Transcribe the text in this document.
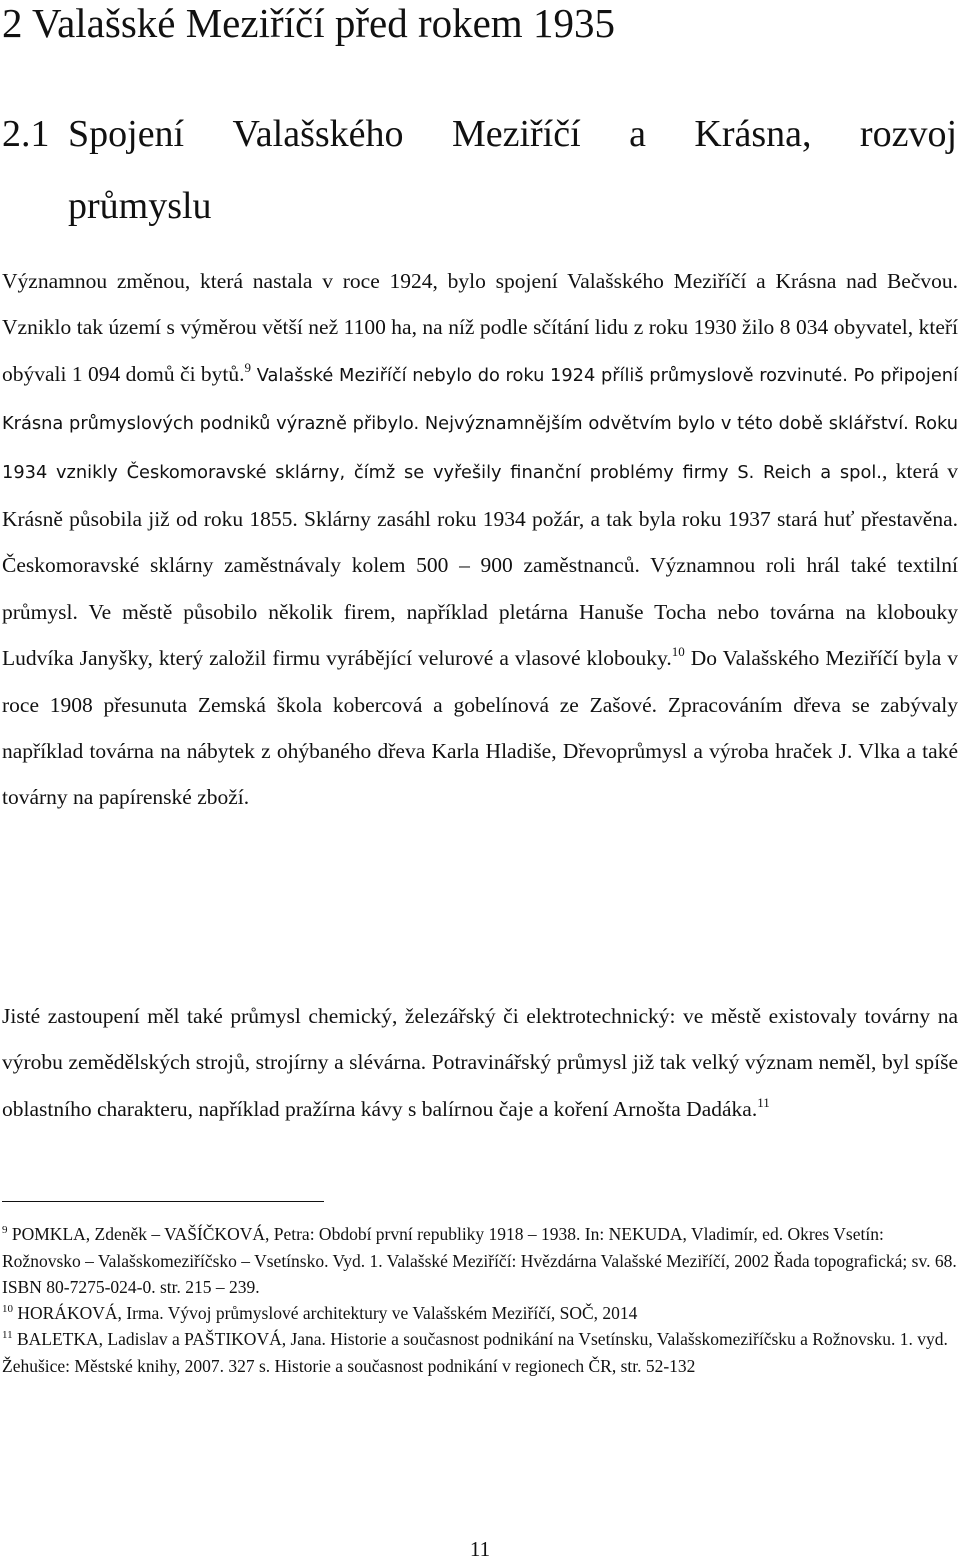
2 Valašské Meziříčí před rokem 1935
2.1 Spojení Valašského Meziříčí a Krásna, rozvoj
průmyslu

Významnou změnou, která nastala v roce 1924, bylo spojení Valašského Meziříčí a Krásna nad Bečvou. Vzniklo tak území s výměrou větší než 1100 ha, na níž podle sčítání lidu z roku 1930 žilo 8 034 obyvatel, kteří obývali 1 094 domů či bytů.$^9$ Valašské Meziříčí nebylo do roku 1924 příliš průmyslově rozvinuté. Po připojení Krásna průmyslových podniků výrazně přibylo. Nejvýznamnějším odvětvím bylo v této době sklářství. Roku 1934 vznikly Českomoravské sklárny, čímž se vyřešily finanční problémy firmy S. Reich a spol., která v Krásně působila již od roku 1855. Sklárny zasáhl roku 1934 požár, a tak byla roku 1937 stará huť přestavěna. Českomoravské sklárny zaměstnávaly kolem 500 – 900 zaměstnanců. Významnou roli hrál také textilní průmysl. Ve městě působilo několik firem, například pletárna Hanuše Tocha nebo továrna na klobouky Ludvíka Janyšky, který založil firmu vyrábějící velurové a vlasové klobouky.$^{10}$ Do Valašského Meziříčí byla v roce 1908 přesunuta Zemská škola kobercová a gobelínová ze Zašové. Zpracováním dřeva se zabývaly například továrna na nábytek z ohýbaného dřeva Karla Hladiše, Dřevoprůmysl a výroba hraček J. Vlka a také továrny na papírenské zboží.

Jisté zastoupení měl také průmysl chemický, železářský či elektrotechnický: ve městě existovaly továrny na výrobu zemědělských strojů, strojírny a slévárna. Potravinářský průmysl již tak velký význam neměl, byl spíše oblastního charakteru, například pražírna kávy s balírnou čaje a koření Arnošta Dadáka.$^{11}$

$^9$ POMKLA, Zdeněk – VAŠÍČKOVÁ, Petra: Období první republiky 1918 – 1938. In: NEKUDA, Vladimír, ed. Okres Vsetín: Rožnovsko – Valašskomeziříčsko – Vsetínsko. Vyd. 1. Valašské Meziříčí: Hvězdárna Valašské Meziříčí, 2002 Řada topografická; sv. 68. ISBN 80-7275-024-0. str. 215 – 239.

$^{10}$ HORÁKOVÁ, Irma. Vývoj průmyslové architektury ve Valašském Meziříčí, SOČ, 2014

$^{11}$ BALETKA, Ladislav a PAŠTIKOVÁ, Jana. Historie a současnost podnikání na Vsetínsku, Valašskomeziříčsku a Rožnovsku. 1. vyd. Žehušice: Městské knihy, 2007. 327 s. Historie a současnost podnikání v regionech ČR, str. 52-132

11
